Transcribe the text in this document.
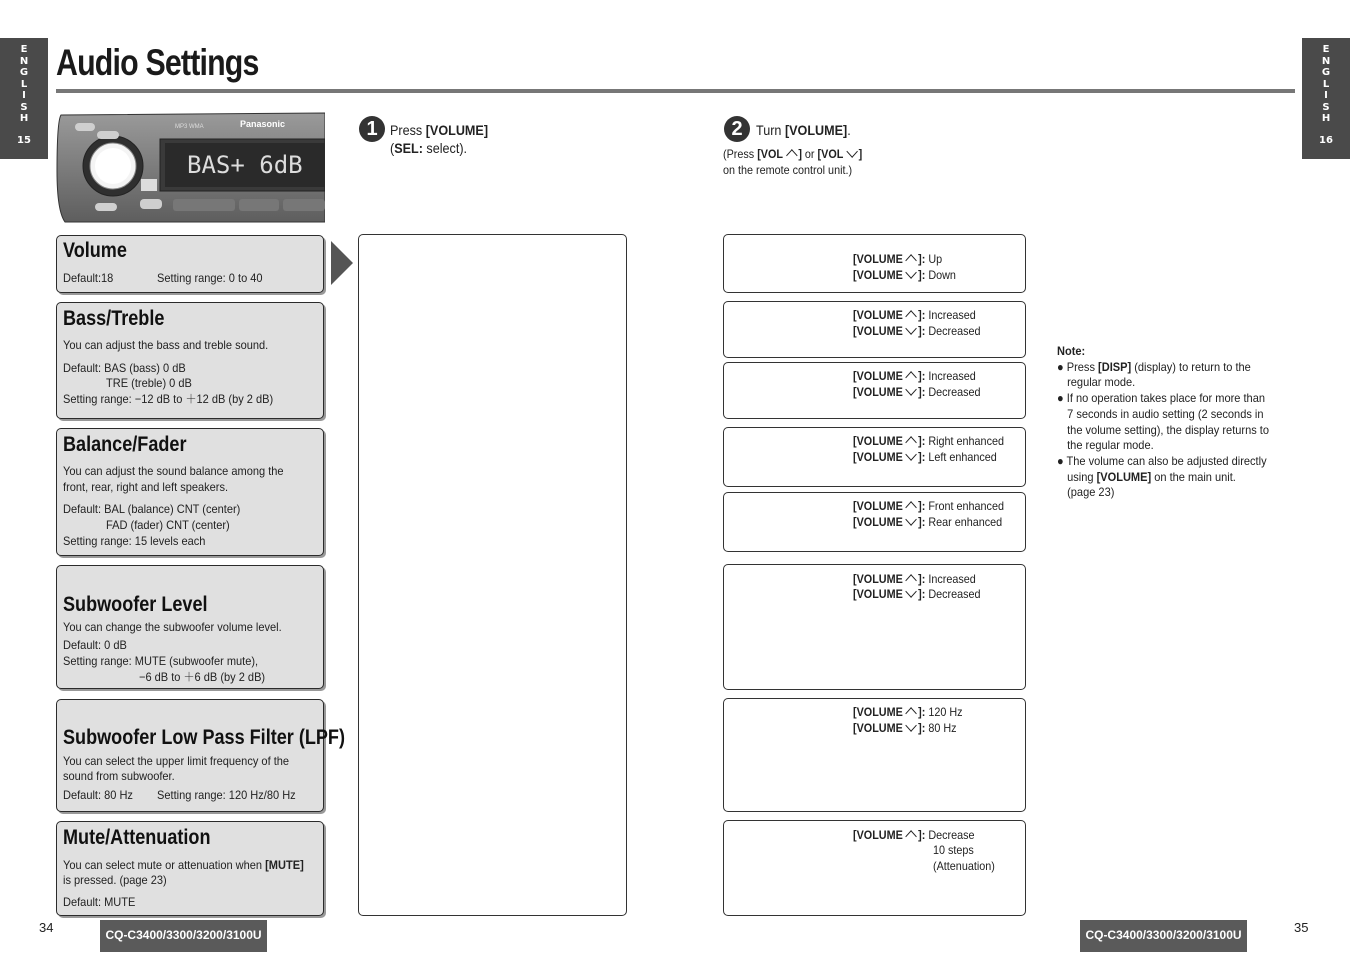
E
N
G
L
I
S
H
15
E
N
G
L
I
S
H
16
Audio Settings
Panasonic
MP3 WMA
BAS+ 6dB
1 Press [VOLUME]
(SEL: select).
2 Turn [VOLUME].
(Press [VOL ] or [VOL ]
on the remote control unit.)
Volume
Default:18	Setting range: 0 to 40
Bass/Treble
You can adjust the bass and treble sound.
Default: BAS (bass) 0 dB
TRE (treble) 0 dB
Setting range: −12 dB to ＋12 dB (by 2 dB)
Balance/Fader
You can adjust the sound balance among the
front, rear, right and left speakers.
Default: BAL (balance) CNT (center)
FAD (fader) CNT (center)
Setting range: 15 levels each
Subwoofer Level
You can change the subwoofer volume level.
Default: 0 dB
Setting range: MUTE (subwoofer mute),
−6 dB to ＋6 dB (by 2 dB)
Subwoofer Low Pass Filter (LPF)
You can select the upper limit frequency of the
sound from subwoofer.
Default: 80 Hz Setting range: 120 Hz/80 Hz
Mute/Attenuation
You can select mute or attenuation when [MUTE]
is pressed. (page 23)
Default: MUTE
[VOLUME ]: Up
[VOLUME ]: Down
[VOLUME ]: Increased
[VOLUME ]: Decreased
[VOLUME ]: Increased
[VOLUME ]: Decreased
[VOLUME ]: Right enhanced
[VOLUME ]: Left enhanced
[VOLUME ]: Front enhanced
[VOLUME ]: Rear enhanced
[VOLUME ]: Increased
[VOLUME ]: Decreased
[VOLUME ]: 120 Hz
[VOLUME ]: 80 Hz
[VOLUME ]: Decrease
10 steps
(Attenuation)
Note:
● Press [DISP] (display) to return to the
regular mode.
● If no operation takes place for more than
7 seconds in audio setting (2 seconds in
the volume setting), the display returns to
the regular mode.
● The volume can also be adjusted directly
using [VOLUME] on the main unit.
(page 23)
34	CQ-C3400/3300/3200/3100U	CQ-C3400/3300/3200/3100U	35
